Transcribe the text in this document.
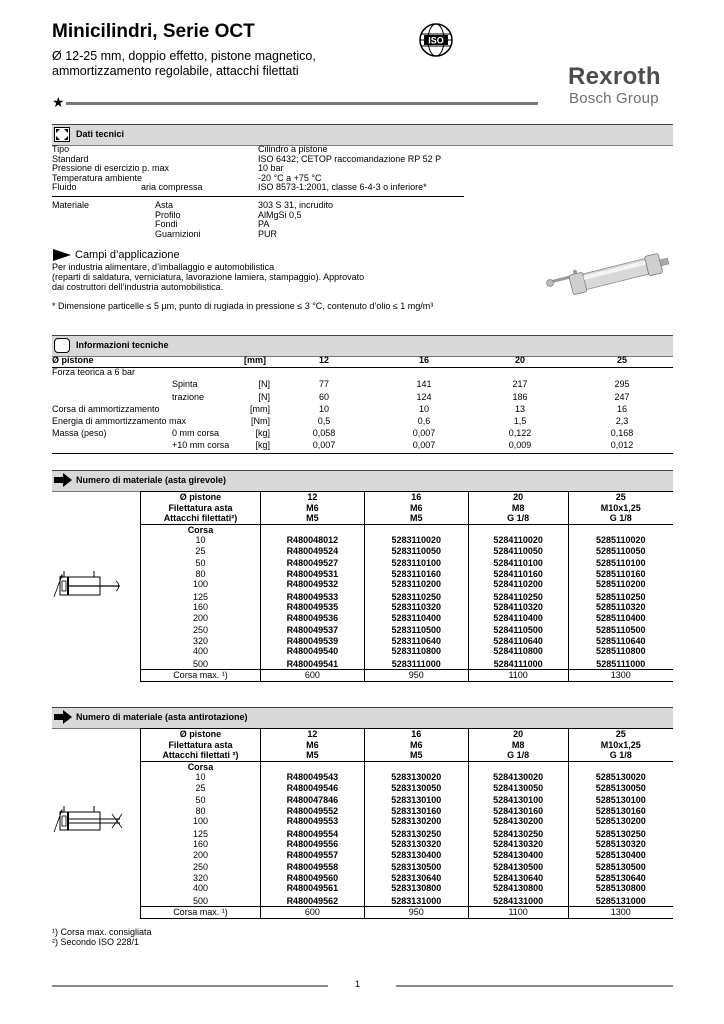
Minicilindri, Serie OCT
Ø 12-25 mm, doppio effetto, pistone magnetico,
ammortizzamento regolabile, attacchi filettati
ISO
Rexroth
Bosch Group
★
Dati tecnici
Tipo	Cilindro a pistone
Standard	ISO 6432; CETOP raccomandazione RP 52 P
Pressione di esercizio p. max	10 bar
Temperatura ambiente	-20 °C a +75 °C
Fluido	aria compressa	ISO 8573-1:2001, classe 6-4-3 o inferiore*
Materiale	Asta	303 S 31, incrudito
Profilo	AlMgSi 0,5
Fondi	PA
Guarnizioni	PUR
Campi d’applicazione
Per industria alimentare, d’imballaggio e automobilistica
(reparti di saldatura, verniciatura, lavorazione lamiera, stampaggio). Approvato
dai costruttori dell’industria automobilistica.
* Dimensione particelle ≤ 5 µm, punto di rugiada in pressione ≤ 3 °C, contenuto d’olio ≤ 1 mg/m³
Informazioni tecniche
Ø pistone	[mm]	12	16	20	25
Forza teorica a 6 bar
Spinta	[N]	77	141	217	295
trazione	[N]	60	124	186	247
Corsa di ammortizzamento	[mm]	10	10	13	16
Energia di ammortizzamento max	[Nm]	0,5	0,6	1,5	2,3
Massa (peso)	0 mm corsa	[kg]	0,058	0,007	0,122	0,168
+10 mm corsa	[kg]	0,007	0,007	0,009	0,012
Numero di materiale (asta girevole)
Ø pistone	12	16	20	25
Filettatura asta	M6	M6	M8	M10x1,25
Attacchi filettati²)	M5	M5	G 1/8	G 1/8
Corsa				
10	R480048012	5283110020	5284110020	5285110020
25	R480049524	5283110050	5284110050	5285110050
50	R480049527	5283110100	5284110100	5285110100
80	R480049531	5283110160	5284110160	5285110160
100	R480049532	5283110200	5284110200	5285110200
125	R480049533	5283110250	5284110250	5285110250
160	R480049535	5283110320	5284110320	5285110320
200	R480049536	5283110400	5284110400	5285110400
250	R480049537	5283110500	5284110500	5285110500
320	R480049539	5283110640	5284110640	5285110640
400	R480049540	5283110800	5284110800	5285110800
500	R480049541	5283111000	5284111000	5285111000
Corsa max. ¹)	600	950	1100	1300
Numero di materiale (asta antirotazione)
Ø pistone	12	16	20	25
Filettatura asta	M6	M6	M8	M10x1,25
Attacchi filettati ²)	M5	M5	G 1/8	G 1/8
Corsa				
10	R480049543	5283130020	5284130020	5285130020
25	R480049546	5283130050	5284130050	5285130050
50	R480047846	5283130100	5284130100	5285130100
80	R480049552	5283130160	5284130160	5285130160
100	R480049553	5283130200	5284130200	5285130200
125	R480049554	5283130250	5284130250	5285130250
160	R480049556	5283130320	5284130320	5285130320
200	R480049557	5283130400	5284130400	5285130400
250	R480049558	5283130500	5284130500	5285130500
320	R480049560	5283130640	5284130640	5285130640
400	R480049561	5283130800	5284130800	5285130800
500	R480049562	5283131000	5284131000	5285131000
Corsa max. ¹)	600	950	1100	1300
¹) Corsa max. consigliata
²) Secondo ISO 228/1
1
